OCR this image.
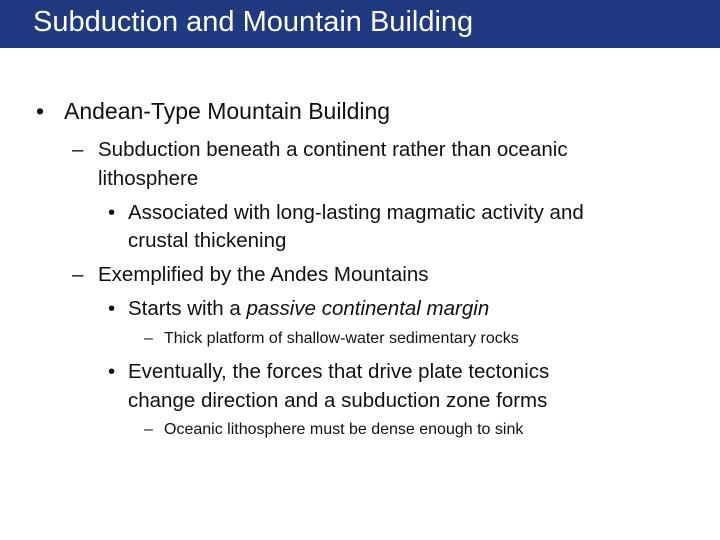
Subduction and Mountain Building
• Andean-Type Mountain Building
– Subduction beneath a continent rather than oceanic
lithosphere
• Associated with long-lasting magmatic activity and
crustal thickening
– Exemplified by the Andes Mountains
• Starts with a passive continental margin
– Thick platform of shallow-water sedimentary rocks
• Eventually, the forces that drive plate tectonics
change direction and a subduction zone forms
– Oceanic lithosphere must be dense enough to sink
